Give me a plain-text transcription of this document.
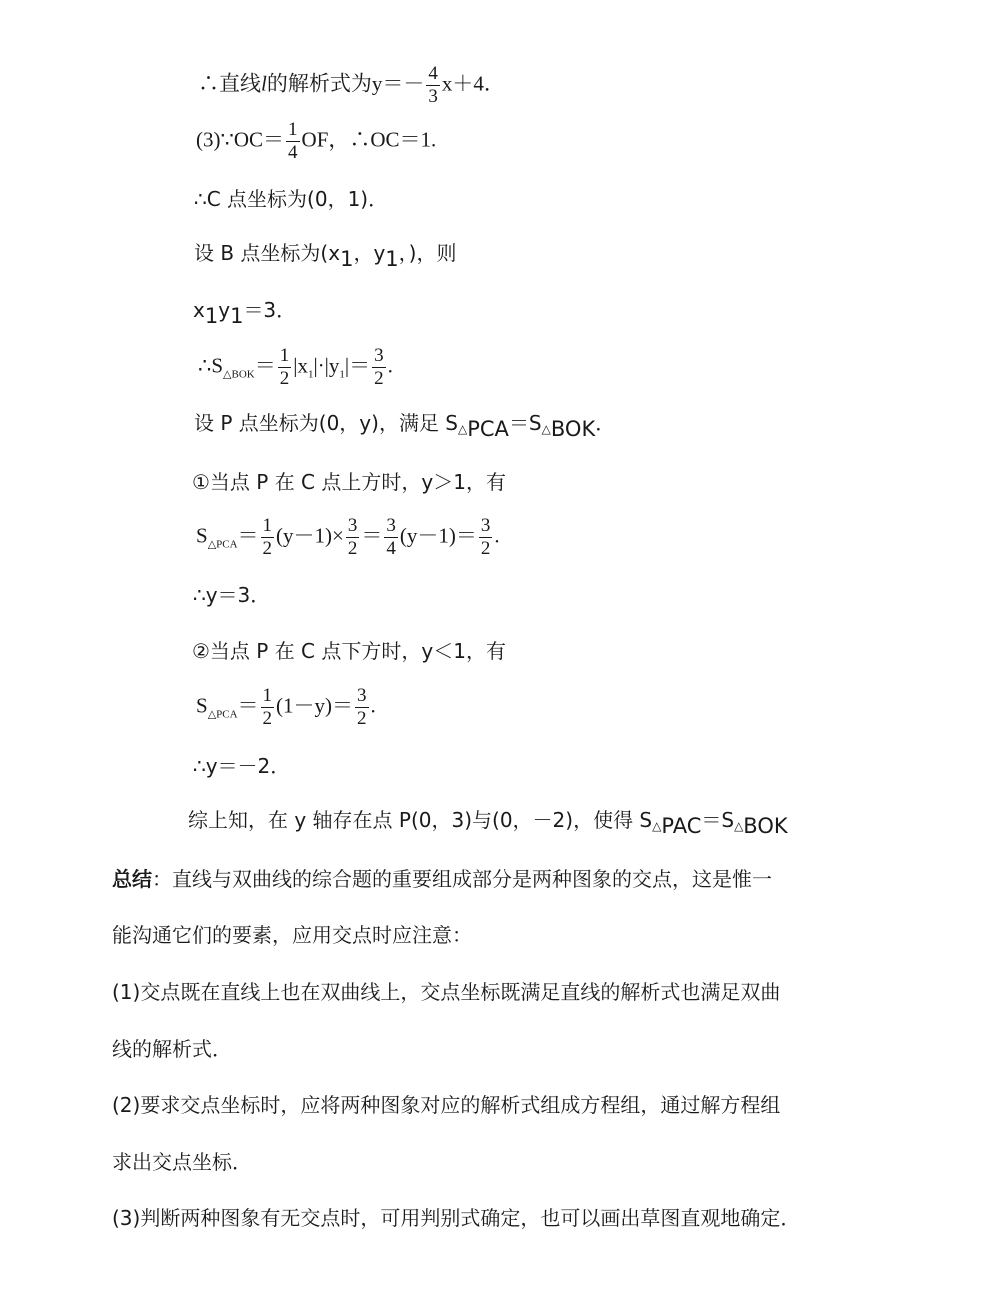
∴直线l的解析式为$y=- \frac{4}{3} x+4$．
(3)∵OC＝ $\frac{1}{4}$ OF，∴OC＝1.
∴C 点坐标为(0，1)．
设 B 点坐标为(x1，y1，)，则
x1y1＝3．
$\therefore S_{\triangle BOK}= \frac{1}{2} |x_1|\cdot|y_1|= \frac{3}{2}$ .
设 P 点坐标为(0，y)，满足 S△PCA＝S△BOK．
①当点 P 在 C 点上方时，y＞1，有
$S_{\triangle PCA}= \frac{1}{2} (y-1)\times \frac{3}{2} = \frac{3}{4} (y-1)= \frac{3}{2}$ .
∴y＝3．
②当点 P 在 C 点下方时，y＜1，有
$S_{\triangle PCA}= \frac{1}{2} (1-y)= \frac{3}{2}$ .
∴y＝－2．
综上知，在 y 轴存在点 P(0，3)与(0，－2)，使得 S△PAC＝S△BOK
总结：直线与双曲线的综合题的重要组成部分是两种图象的交点，这是惟一
能沟通它们的要素，应用交点时应注意：
(1)交点既在直线上也在双曲线上，交点坐标既满足直线的解析式也满足双曲
线的解析式．
(2)要求交点坐标时，应将两种图象对应的解析式组成方程组，通过解方程组
求出交点坐标．
(3)判断两种图象有无交点时，可用判别式确定，也可以画出草图直观地确定．
